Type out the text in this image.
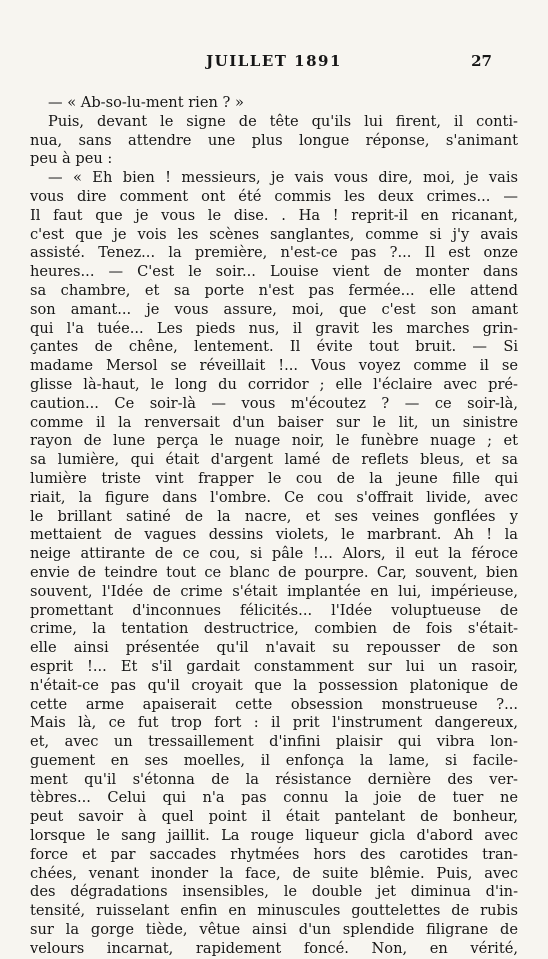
JUILLET 1891	27
— « Ab-so-lu-ment rien ? »
Puis, devant le signe de tête qu'ils lui firent, il conti-
nua, sans attendre une plus longue réponse, s'animant
peu à peu :
— « Eh bien ! messieurs, je vais vous dire, moi, je vais
vous dire comment ont été commis les deux crimes... —
Il faut que je vous le dise. . Ha ! reprit-il en ricanant,
c'est que je vois les scènes sanglantes, comme si j'y avais
assisté. Tenez... la première, n'est-ce pas ?... Il est onze
heures... — C'est le soir... Louise vient de monter dans
sa chambre, et sa porte n'est pas fermée... elle attend
son amant... je vous assure, moi, que c'est son amant
qui l'a tuée... Les pieds nus, il gravit les marches grin-
çantes de chêne, lentement. Il évite tout bruit. — Si
madame Mersol se réveillait !... Vous voyez comme il se
glisse là-haut, le long du corridor ; elle l'éclaire avec pré-
caution... Ce soir-là — vous m'écoutez ? — ce soir-là,
comme il la renversait d'un baiser sur le lit, un sinistre
rayon de lune perça le nuage noir, le funèbre nuage ; et
sa lumière, qui était d'argent lamé de reflets bleus, et sa
lumière triste vint frapper le cou de la jeune fille qui
riait, la figure dans l'ombre. Ce cou s'offrait livide, avec
le brillant satiné de la nacre, et ses veines gonflées y
mettaient de vagues dessins violets, le marbrant. Ah ! la
neige attirante de ce cou, si pâle !... Alors, il eut la féroce
envie de teindre tout ce blanc de pourpre. Car, souvent, bien
souvent, l'Idée de crime s'était implantée en lui, impérieuse,
promettant d'inconnues félicités... l'Idée voluptueuse de
crime, la tentation destructrice, combien de fois s'était-
elle ainsi présentée qu'il n'avait su repousser de son
esprit !... Et s'il gardait constamment sur lui un rasoir,
n'était-ce pas qu'il croyait que la possession platonique de
cette arme apaiserait cette obsession monstrueuse ?...
Mais là, ce fut trop fort : il prit l'instrument dangereux,
et, avec un tressaillement d'infini plaisir qui vibra lon-
guement en ses moelles, il enfonça la lame, si facile-
ment qu'il s'étonna de la résistance dernière des ver-
tèbres... Celui qui n'a pas connu la joie de tuer ne
peut savoir à quel point il était pantelant de bonheur,
lorsque le sang jaillit. La rouge liqueur gicla d'abord avec
force et par saccades rhytmées hors des carotides tran-
chées, venant inonder la face, de suite blêmie. Puis, avec
des dégradations insensibles, le double jet diminua d'in-
tensité, ruisselant enfin en minuscules gouttelettes de rubis
sur la gorge tiède, vêtue ainsi d'un splendide filigrane de
velours incarnat, rapidement foncé. Non, en vérité,
